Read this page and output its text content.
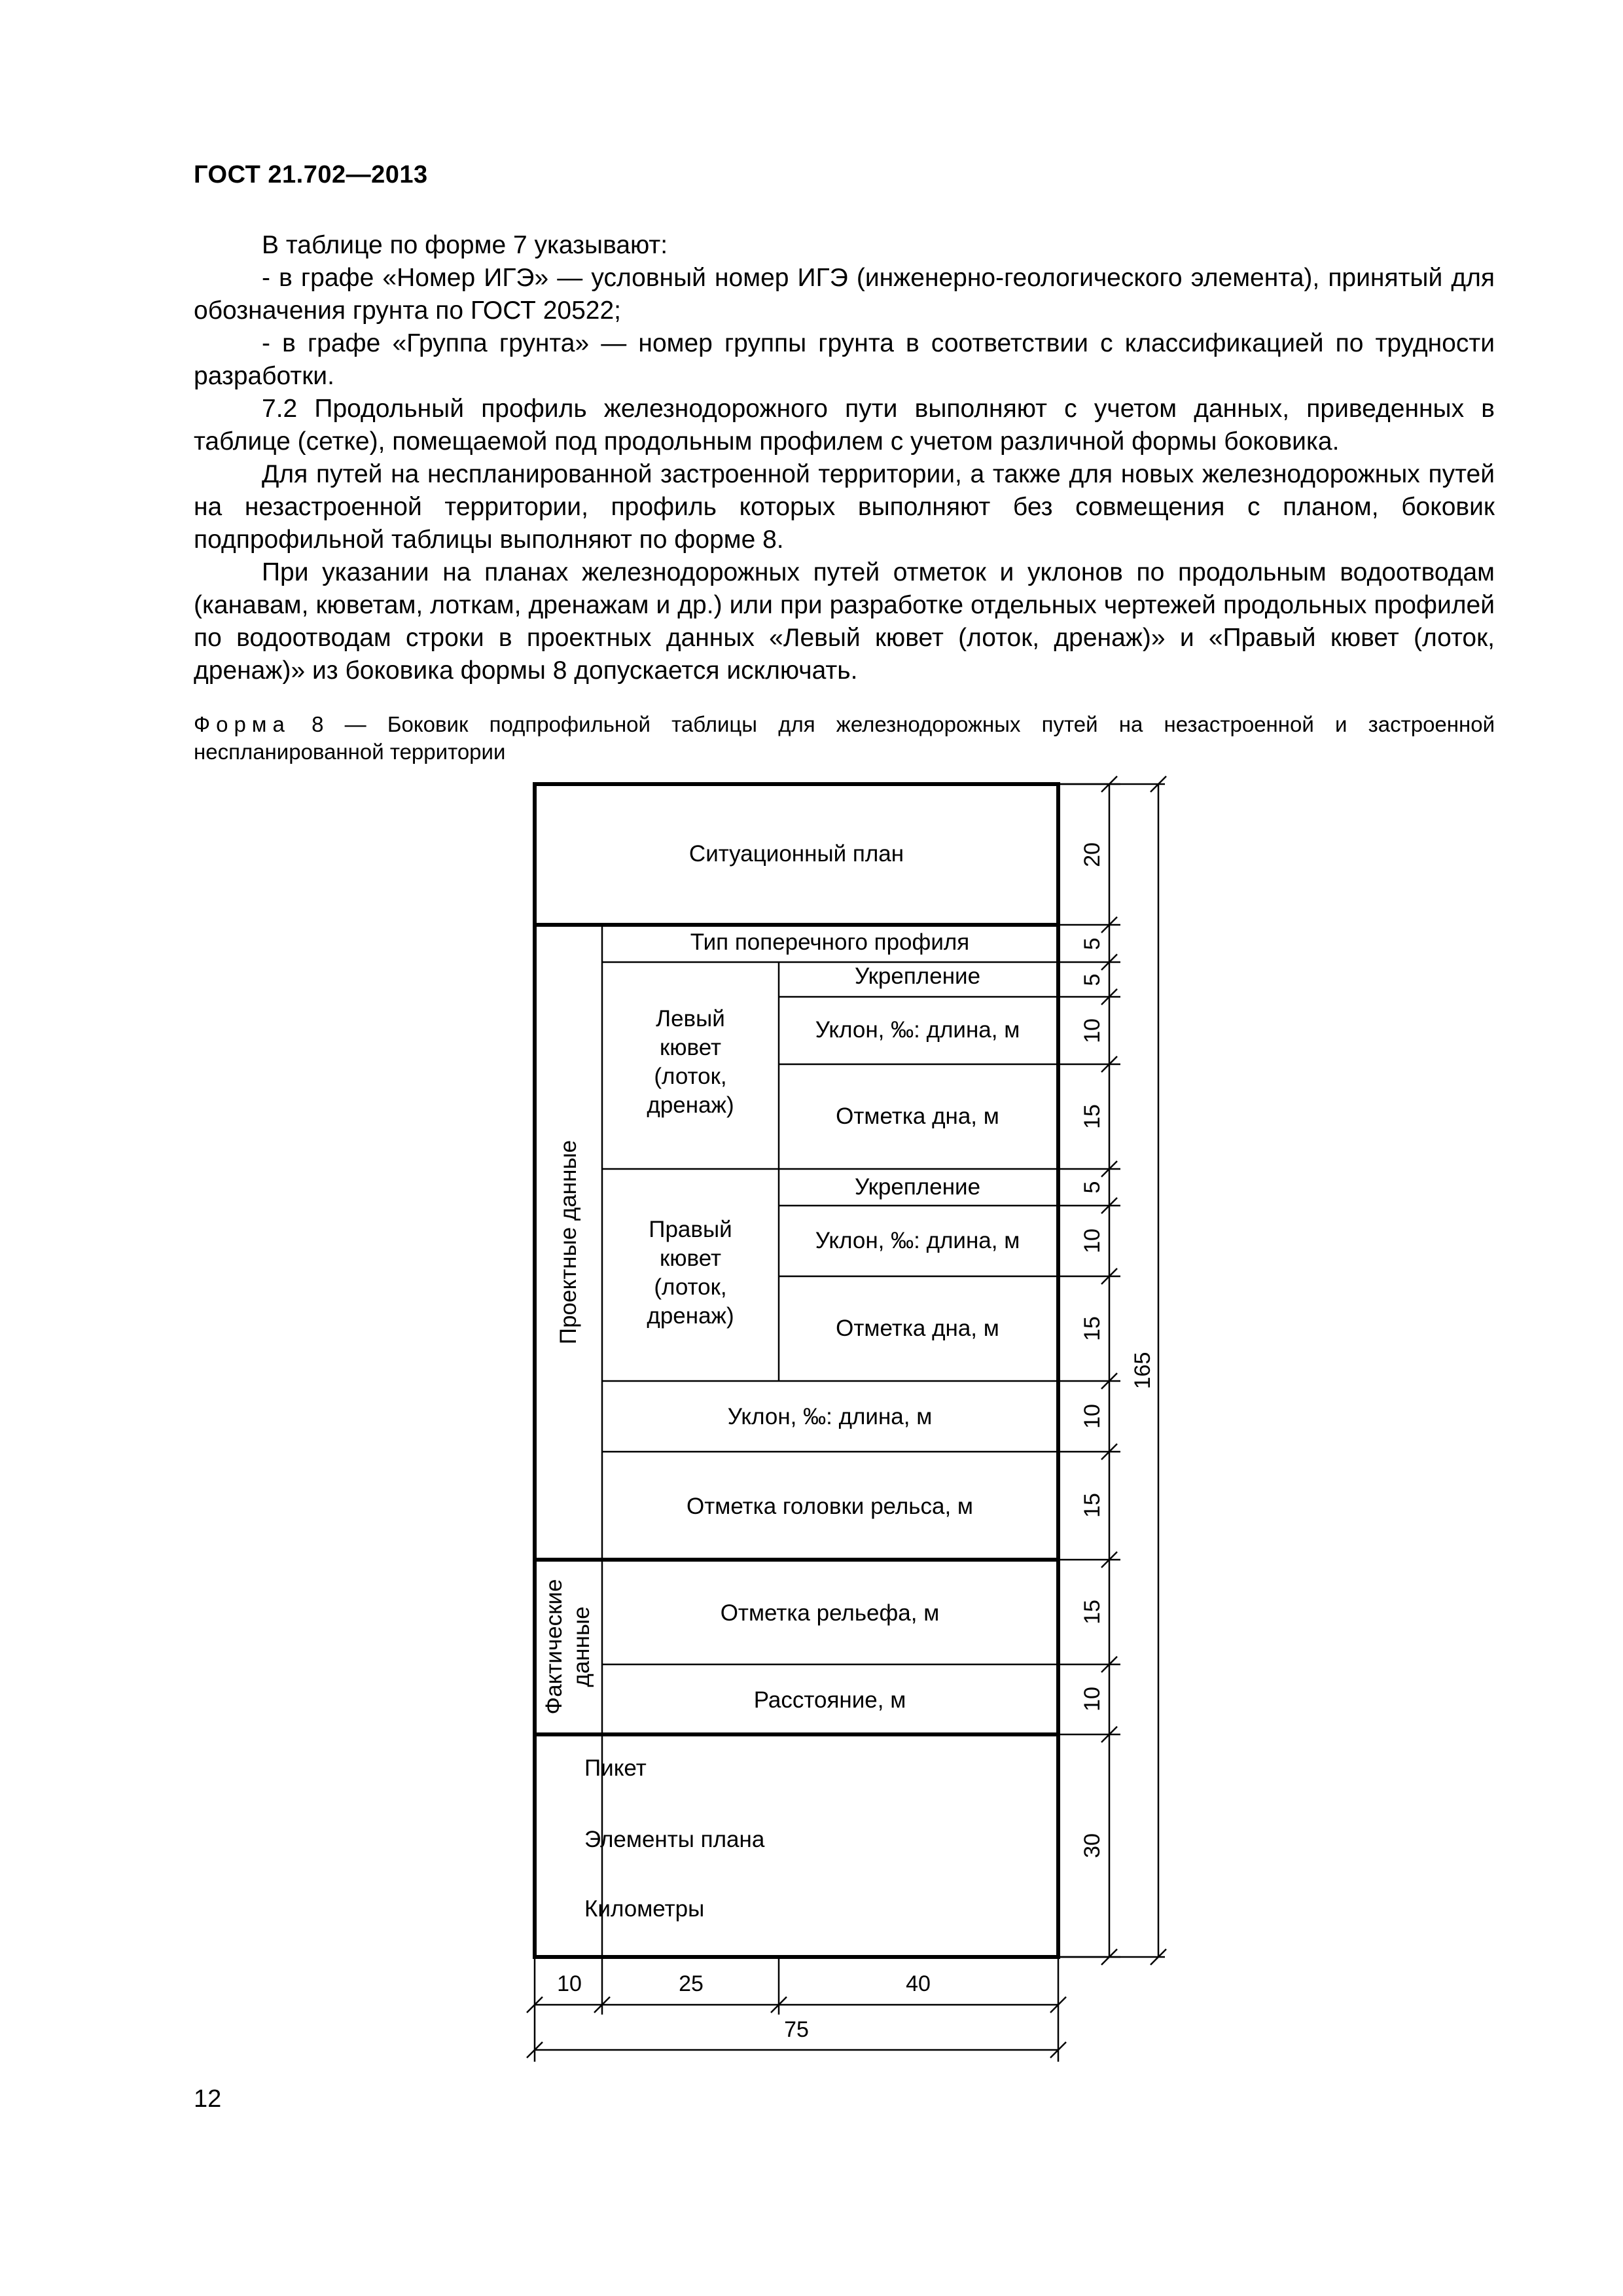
ГОСТ 21.702—2013

В таблице по форме 7 указывают:

- в графе «Номер ИГЭ» — условный номер ИГЭ (инженерно-геологического элемента), принятый для обозначения грунта по ГОСТ 20522;

- в графе «Группа грунта» — номер группы грунта в соответствии с классификацией по трудности разработки.

7.2 Продольный профиль железнодорожного пути выполняют с учетом данных, приведенных в таблице (сетке), помещаемой под продольным профилем с учетом различной формы боковика.

Для путей на неспланированной застроенной территории, а также для новых железнодорожных путей на незастроенной территории, профиль которых выполняют без совмещения с планом, боковик подпрофильной таблицы выполняют по форме 8.

При указании на планах железнодорожных путей отметок и уклонов по продольным водоотводам (канавам, кюветам, лоткам, дренажам и др.) или при разработке отдельных чертежей продольных профилей по водоотводам строки в проектных данных «Левый кювет (лоток, дренаж)» и «Правый кювет (лоток, дренаж)» из боковика формы 8 допускается исключать.

Форма 8 — Боковик подпрофильной таблицы для железнодорожных путей на незастроенной и застроенной неспланированной территории
Ситуационный план
Тип поперечного профиля
Укрепление
Уклон, ‰: длина, м
Отметка дна, м
Левый
кювет
(лоток,
дренаж)
Укрепление
Уклон, ‰: длина, м
Отметка дна, м
Правый
кювет
(лоток,
дренаж)
Уклон, ‰: длина, м
Отметка головки рельса, м
Отметка рельефа, м
Расстояние, м
Пикет
Элементы плана
Километры
Проектные данные
Фактические данные
20
5
5
10
15
5
10
15
10
15
15
10
30
165
10	25	40
75
12
